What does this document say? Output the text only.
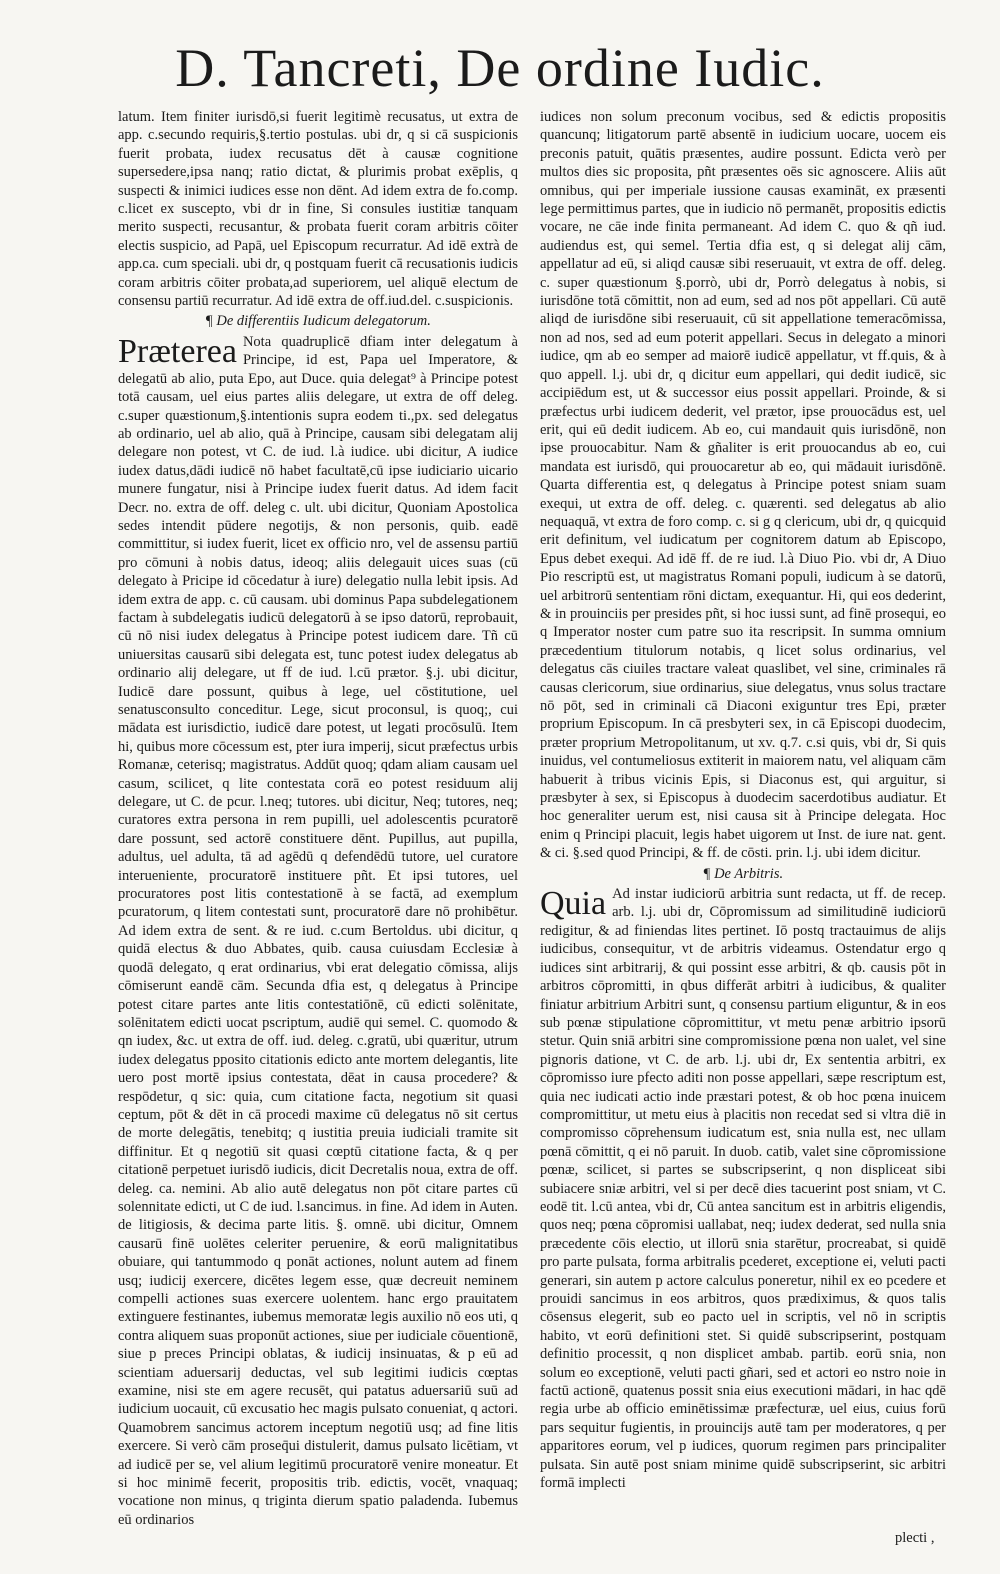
D. Tancreti, De ordine Iudic.

latum. Item finiter iurisdō,si fuerit legitimè recusatus, ut extra de app. c.secundo requiris,§.tertio postulas. ubi dr, q si cā suspicionis fuerit probata, iudex recusatus dēt à causæ cognitione supersedere,ipsa nanq; ratio dictat, & plurimis probat exēplis, q suspecti & inimici iudices esse non dēnt. Ad idem extra de fo.comp. c.licet ex suscepto, vbi dr in fine, Si consules iustitiæ tanquam merito suspecti, recusantur, & probata fuerit coram arbitris cōiter electis suspicio, ad Papā, uel Episcopum recurratur. Ad idē extrà de app.ca. cum speciali. ubi dr, q postquam fuerit cā recusationis iudicis coram arbitris cōiter probata,ad superiorem, uel aliquē electum de consensu partiū recurratur. Ad idē extra de off.iud.del. c.suspicionis.

¶ De differentiis Iudicum delegatorum.

Præterea Nota quadruplicē dfiam inter delegatum à Principe, id est, Papa uel Imperatore, & delegatū ab alio, puta Epo, aut Duce. quia delegat⁹ à Principe potest totā causam, uel eius partes aliis delegare, ut extra de off deleg. c.super quæstionum,§.intentionis supra eodem ti.,px. sed delegatus ab ordinario, uel ab alio, quā à Principe, causam sibi delegatam alij delegare non potest, vt C. de iud. l.à iudice. ubi dicitur, A iudice iudex datus,dādi iudicē nō habet facultatē,cū ipse iudiciario uicario munere fungatur, nisi à Principe iudex fuerit datus. Ad idem facit Decr. no. extra de off. deleg c. ult. ubi dicitur, Quoniam Apostolica sedes intendit pūdere negotijs, & non personis, quib. eadē committitur, si iudex fuerit, licet ex officio nro, vel de assensu partiū pro cōmuni à nobis datus, ideoq; aliis delegauit uices suas (cū delegato à Pricipe id cōcedatur à iure) delegatio nulla lebit ipsis. Ad idem extra de app. c. cū causam. ubi dominus Papa subdelegationem factam à subdelegatis iudicū delegatorū à se ipso datorū, reprobauit, cū nō nisi iudex delegatus à Principe potest iudicem dare. Tñ cū uniuersitas causarū sibi delegata est, tunc potest iudex delegatus ab ordinario alij delegare, ut ff de iud. l.cū prætor. §.j. ubi dicitur, Iudicē dare possunt, quibus à lege, uel cōstitutione, uel senatusconsulto conceditur. Lege, sicut proconsul, is quoq;, cui mādata est iurisdictio, iudicē dare potest, ut legati procōsulū. Item hi, quibus more cōcessum est, pter iura imperij, sicut præfectus urbis Romanæ, ceterisq; magistratus. Addūt quoq; qdam aliam causam uel casum, scilicet, q lite contestata corā eo potest residuum alij delegare, ut C. de pcur. l.neq; tutores. ubi dicitur, Neq; tutores, neq; curatores extra persona in rem pupilli, uel adolescentis pcuratorē dare possunt, sed actorē constituere dēnt. Pupillus, aut pupilla, adultus, uel adulta, tā ad agēdū q defendēdū tutore, uel curatore interueniente, procuratorē instituere pñt. Et ipsi tutores, uel procuratores post litis contestationē à se factā, ad exemplum pcuratorum, q litem contestati sunt, procuratorē dare nō prohibētur. Ad idem extra de sent. & re iud. c.cum Bertoldus. ubi dicitur, q quidā electus & duo Abbates, quib. causa cuiusdam Ecclesiæ à quodā delegato, q erat ordinarius, vbi erat delegatio cōmissa, alijs cōmiserunt eandē cām. Secunda dfia est, q delegatus à Principe potest citare partes ante litis contestatiōnē, cū edicti solēnitate, solēnitatem edicti uocat pscriptum, audiē qui semel. C. quomodo & qn iudex, &c. ut extra de off. iud. deleg. c.gratū, ubi quæritur, utrum iudex delegatus pposito citationis edicto ante mortem delegantis, lite uero post mortē ipsius contestata, dēat in causa procedere? & respōdetur, q sic: quia, cum citatione facta, negotium sit quasi ceptum, pōt & dēt in cā procedi maxime cū delegatus nō sit certus de morte delegātis, tenebitq; q iustitia preuia iudiciali tramite sit diffinitur. Et q negotiū sit quasi cœptū citatione facta, & q per citationē perpetuet iurisdō iudicis, dicit Decretalis noua, extra de off. deleg. ca. nemini. Ab alio autē delegatus non pōt citare partes cū solennitate edicti, ut C de iud. l.sancimus. in fine. Ad idem in Auten. de litigiosis, & decima parte litis. §. omnē. ubi dicitur, Omnem causarū finē uolētes celeriter peruenire, & eorū malignitatibus obuiare, qui tantummodo q ponāt actiones, nolunt autem ad finem usq; iudicij exercere, dicētes legem esse, quæ decreuit neminem compelli actiones suas exercere uolentem. hanc ergo prauitatem extinguere festinantes, iubemus memoratæ legis auxilio nō eos uti, q contra aliquem suas proponūt actiones, siue per iudiciale cōuentionē, siue p preces Principi oblatas, & iudicij insinuatas, & p eū ad scientiam aduersarij deductas, vel sub legitimi iudicis cœptas examine, nisi ste em agere recusēt, qui patatus aduersariū suū ad iudicium uocauit, cū excusatio hec magis pulsato conueniat, q actori. Quamobrem sancimus actorem inceptum negotiū usq; ad fine litis exercere. Si verò cām proseq̄ui distulerit, damus pulsato licētiam, vt ad iudicē per se, vel alium legitimū procuratorē venire moneatur. Et si hoc minimē fecerit, propositis trib. edictis, vocēt, vnaquaq; vocatione non minus, q triginta dierum spatio paladenda. Iubemus eū ordinarios

iudices non solum preconum vocibus, sed & edictis propositis quancunq; litigatorum partē absentē in iudicium uocare, uocem eis preconis patuit, quātis præsentes, audire possunt. Edicta verò per multos dies sic proposita, pñt præsentes oēs sic agnoscere. Aliis aūt omnibus, qui per imperiale iussione causas examināt, ex præsenti lege permittimus partes, que in iudicio nō permanēt, propositis edictis vocare, ne cāe inde finita permaneant. Ad idem C. quo & qñ iud. audiendus est, qui semel. Tertia dfia est, q si delegat alij cām, appellatur ad eū, si aliqd causæ sibi reseruauit, vt extra de off. deleg. c. super quæstionum §.porrò, ubi dr, Porrò delegatus à nobis, si iurisdōne totā cōmittit, non ad eum, sed ad nos pōt appellari. Cū autē aliqd de iurisdōne sibi reseruauit, cū sit appellatione temeracōmissa, non ad nos, sed ad eum poterit appellari. Secus in delegato a minori iudice, qm ab eo semper ad maiorē iudicē appellatur, vt ff.quis, & à quo appell. l.j. ubi dr, q dicitur eum appellari, qui dedit iudicē, sic accipiēdum est, ut & successor eius possit appellari. Proinde, & si præfectus urbi iudicem dederit, vel prætor, ipse prouocādus est, uel erit, qui eū dedit iudicem. Ab eo, cui mandauit quis iurisdōnē, non ipse prouocabitur. Nam & gñaliter is erit prouocandus ab eo, cui mandata est iurisdō, qui prouocaretur ab eo, qui mādauit iurisdōnē. Quarta differentia est, q delegatus à Principe potest sniam suam exequi, ut extra de off. deleg. c. quærenti. sed delegatus ab alio nequaquā, vt extra de foro comp. c. si g q clericum, ubi dr, q quicquid erit definitum, vel iudicatum per cognitorem datum ab Episcopo, Epus debet exequi. Ad idē ff. de re iud. l.à Diuo Pio. vbi dr, A Diuo Pio rescriptū est, ut magistratus Romani populi, iudicum à se datorū, uel arbitrorū sententiam rōni dictam, exequantur. Hi, qui eos dederint, & in prouinciis per presides pñt, si hoc iussi sunt, ad finē prosequi, eo q Imperator noster cum patre suo ita rescripsit. In summa omnium præcedentium titulorum notabis, q licet solus ordinarius, vel delegatus cās ciuiles tractare valeat quaslibet, vel sine, criminales rā causas clericorum, siue ordinarius, siue delegatus, vnus solus tractare nō pōt, sed in criminali cā Diaconi exiguntur tres Epi, præter proprium Episcopum. In cā presbyteri sex, in cā Episcopi duodecim, præter proprium Metropolitanum, ut xv. q.7. c.si quis, vbi dr, Si quis inuidus, vel contumeliosus extiterit in maiorem natu, vel aliquam cām habuerit à tribus vicinis Epis, si Diaconus est, qui arguitur, si præsbyter à sex, si Episcopus à duodecim sacerdotibus audiatur. Et hoc generaliter uerum est, nisi causa sit à Principe delegata. Hoc enim q Principi placuit, legis habet uigorem ut Inst. de iure nat. gent. & ci. §.sed quod Principi, & ff. de cōsti. prin. l.j. ubi idem dicitur.

¶ De Arbitris.

Quia Ad instar iudiciorū arbitria sunt redacta, ut ff. de recep. arb. l.j. ubi dr, Cōpromissum ad similitudinē iudiciorū redigitur, & ad finiendas lites pertinet. Iō postq tractauimus de alijs iudicibus, consequitur, vt de arbitris videamus. Ostendatur ergo q iudices sint arbitrarij, & qui possint esse arbitri, & qb. causis pōt in arbitros cōpromitti, in qbus differāt arbitri à iudicibus, & qualiter finiatur arbitrium Arbitri sunt, q consensu partium eliguntur, & in eos sub pœnæ stipulatione cōpromittitur, vt metu penæ arbitrio ipsorū stetur. Quin sniā arbitri sine compromissione pœna non ualet, vel sine pignoris datione, vt C. de arb. l.j. ubi dr, Ex sententia arbitri, ex cōpromisso iure pfecto aditi non posse appellari, sæpe rescriptum est, quia nec iudicati actio inde præstari potest, & ob hoc pœna inuicem compromittitur, ut metu eius à placitis non recedat sed si vltra diē in compromisso cōprehensum iudicatum est, snia nulla est, nec ullam pœnā cōmittit, q ei nō paruit. In duob. catib, valet sine cōpromissione pœnæ, scilicet, si partes se subscripserint, q non displiceat sibi subiacere sniæ arbitri, vel si per decē dies tacuerint post sniam, vt C. eodē tit. l.cū antea, vbi dr, Cū antea sancitum est in arbitris eligendis, quos neq; pœna cōpromisi uallabat, neq; iudex dederat, sed nulla snia præcedente cōis electio, ut illorū snia starētur, procreabat, si quidē pro parte pulsata, forma arbitralis pcederet, exceptione ei, veluti pacti generari, sin autem p actore calculus poneretur, nihil ex eo pcedere et prouidi sancimus in eos arbitros, quos prædiximus, & quos talis cōsensus elegerit, sub eo pacto uel in scriptis, vel nō in scriptis habito, vt eorū definitioni stet. Si quidē subscripserint, postquam definitio processit, q non displicet ambab. partib. eorū snia, non solum eo exceptionē, veluti pacti gñari, sed et actori eo nstro noie in factū actionē, quatenus possit snia eius executioni mādari, in hac qdē regia urbe ab officio eminētissimæ præfecturæ, uel eius, cuius forū pars sequitur fugientis, in prouincijs autē tam per moderatores, q per apparitores eorum, vel p iudices, quorum regimen pars principaliter pulsata. Sin autē post sniam minime quidē subscripserint, sic arbitri formā implecti

plecti ,
